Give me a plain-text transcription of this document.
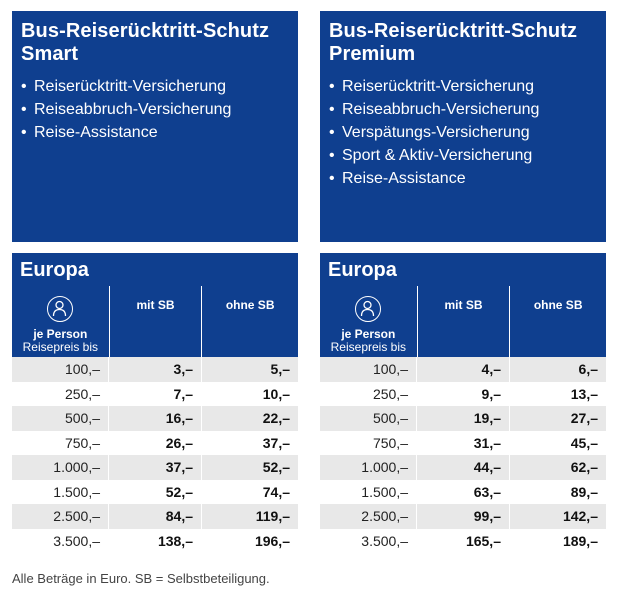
Bus-Reiserücktritt-Schutz
Smart
• Reiserücktritt-Versicherung
• Reiseabbruch-Versicherung
• Reise-Assistance
Europa
je Person
Reisepreis bis
mit SB	ohne SB
100,–	3,–	5,–
250,–	7,–	10,–
500,–	16,–	22,–
750,–	26,–	37,–
1.000,–	37,–	52,–
1.500,–	52,–	74,–
2.500,–	84,–	119,–
3.500,–	138,–	196,–
Bus-Reiserücktritt-Schutz
Premium
• Reiserücktritt-Versicherung
• Reiseabbruch-Versicherung
• Verspätungs-Versicherung
• Sport & Aktiv-Versicherung
• Reise-Assistance
Europa
je Person
Reisepreis bis
mit SB	ohne SB
100,–	4,–	6,–
250,–	9,–	13,–
500,–	19,–	27,–
750,–	31,–	45,–
1.000,–	44,–	62,–
1.500,–	63,–	89,–
2.500,–	99,–	142,–
3.500,–	165,–	189,–
Alle Beträge in Euro. SB = Selbstbeteiligung.
